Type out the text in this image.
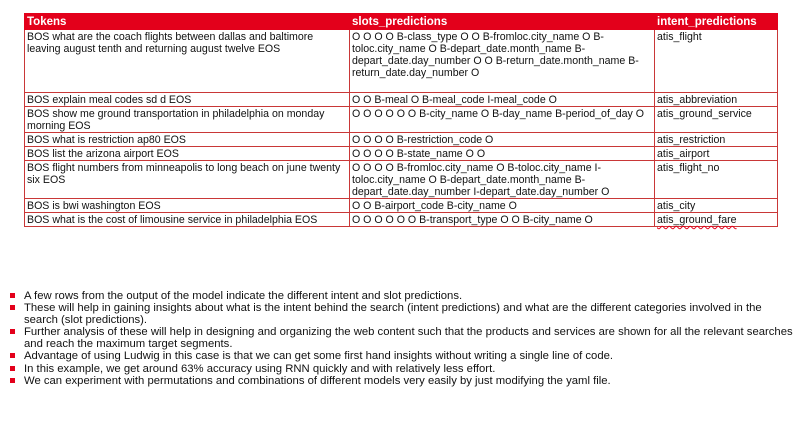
Tokens	slots_predictions	intent_predictions
BOS what are the coach flights between dallas and baltimore leaving august tenth and returning august twelve EOS	O O O O B-class_type O O B-fromloc.city_name O B-toloc.city_name O B-depart_date.month_name B-depart_date.day_number O O B-return_date.month_name B-return_date.day_number O	atis_flight
BOS explain meal codes sd d EOS	O O B-meal O B-meal_code I-meal_code O	atis_abbreviation
BOS show me ground transportation in philadelphia on monday morning EOS	O O O O O O B-city_name O B-day_name B-period_of_day O	atis_ground_service
BOS what is restriction ap80 EOS	O O O O B-restriction_code O	atis_restriction
BOS list the arizona airport EOS	O O O O B-state_name O O	atis_airport
BOS flight numbers from minneapolis to long beach on june twenty six EOS	O O O O B-fromloc.city_name O B-toloc.city_name I-toloc.city_name O B-depart_date.month_name B-depart_date.day_number I-depart_date.day_number O	atis_flight_no
BOS is bwi washington EOS	O O B-airport_code B-city_name O	atis_city
BOS what is the cost of limousine service in philadelphia EOS	O O O O O O B-transport_type O O B-city_name O	atis_ground_fare
A few rows from the output of the model indicate the different intent and slot predictions.
These will help in gaining insights about what is the intent behind the search (intent predictions) and what are the different categories involved in the search (slot predictions).
Further analysis of these will help in designing and organizing the web content such that the products and services are shown for all the relevant searches and reach the maximum target segments.
Advantage of using Ludwig in this case is that we can get some first hand insights without writing a single line of code.
In this example, we get around 63% accuracy using RNN quickly and with relatively less effort.
We can experiment with permutations and combinations of different models very easily by just modifying the yaml file.
